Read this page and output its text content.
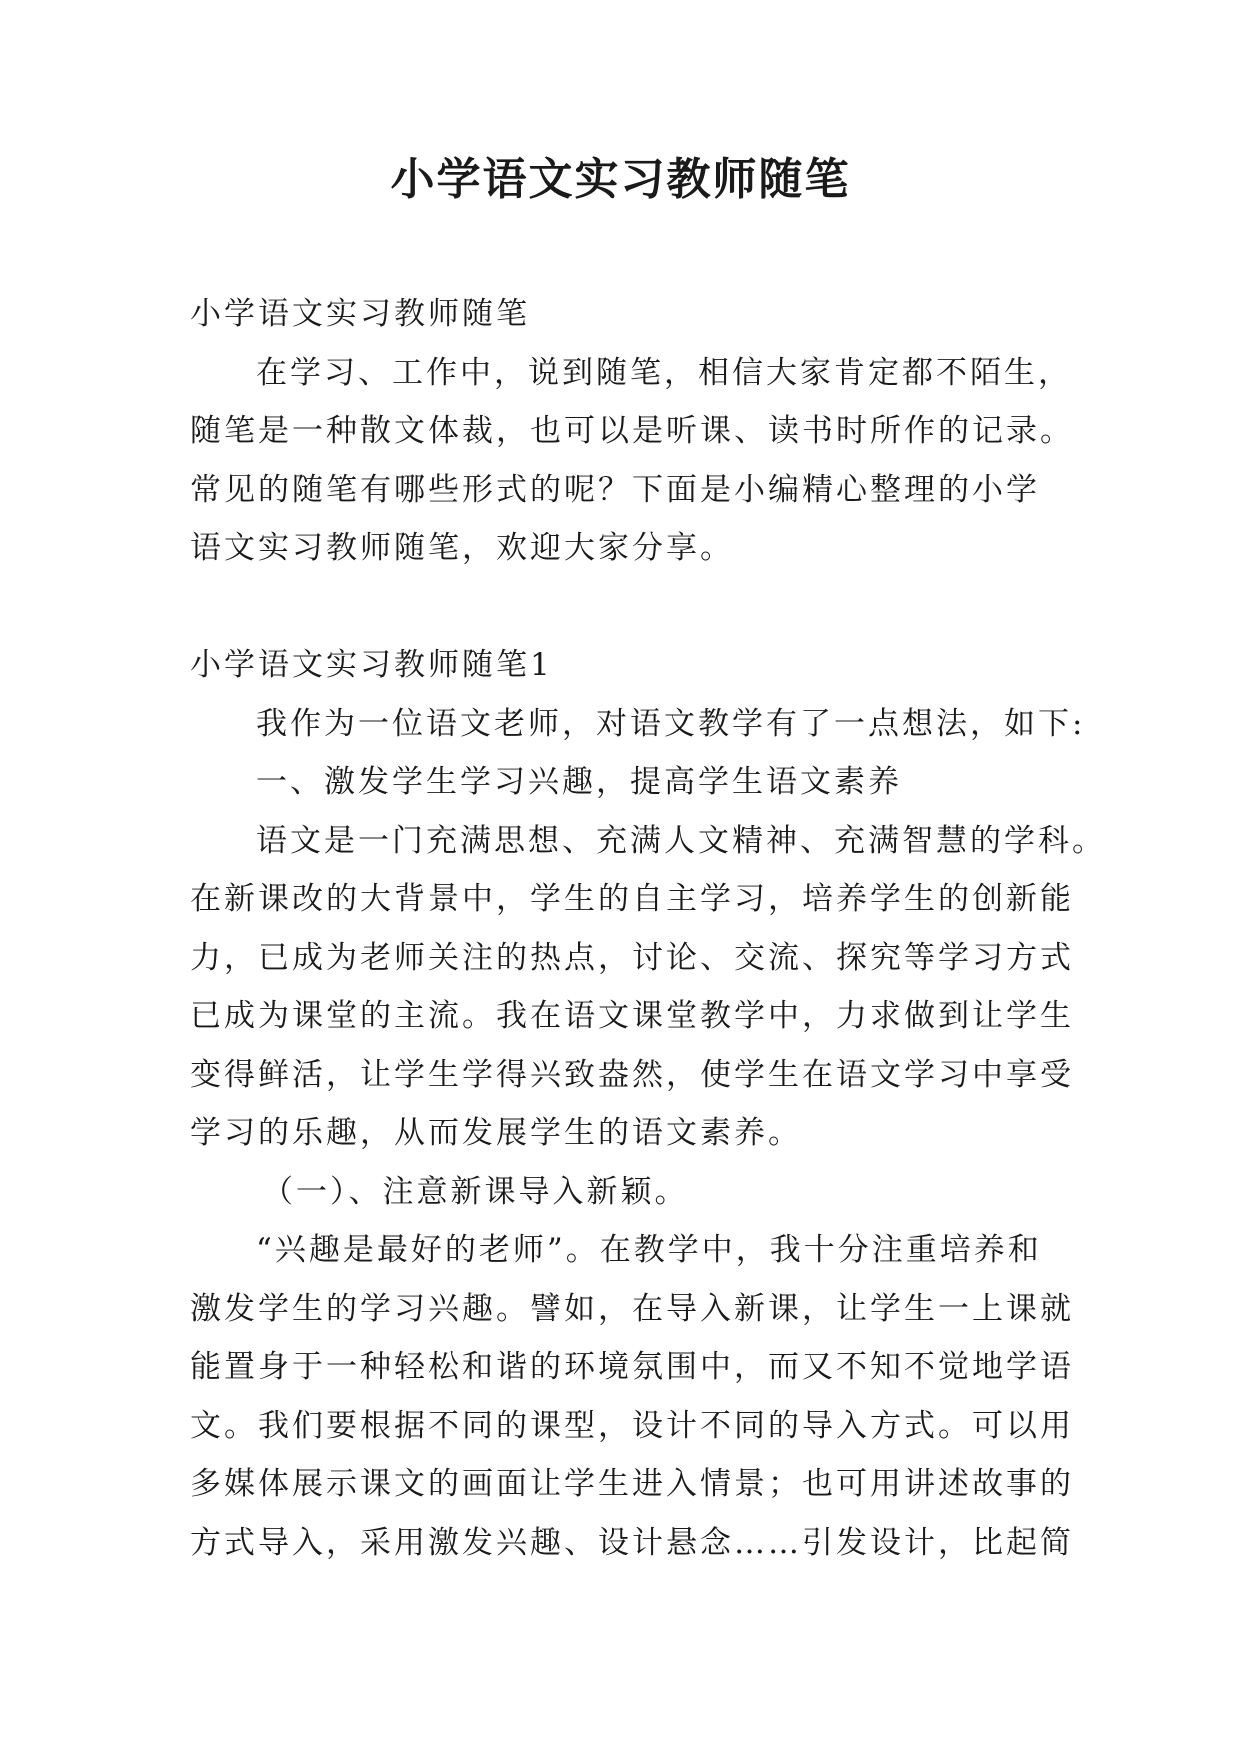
小学语文实习教师随笔
小学语文实习教师随笔
在学习、工作中，说到随笔，相信大家肯定都不陌生，
随笔是一种散文体裁，也可以是听课、读书时所作的记录。
常见的随笔有哪些形式的呢？下面是小编精心整理的小学
语文实习教师随笔，欢迎大家分享。
小学语文实习教师随笔1
我作为一位语文老师，对语文教学有了一点想法，如下:
一、激发学生学习兴趣，提高学生语文素养
语文是一门充满思想、充满人文精神、充满智慧的学科。
在新课改的大背景中，学生的自主学习，培养学生的创新能
力，已成为老师关注的热点，讨论、交流、探究等学习方式
已成为课堂的主流。我在语文课堂教学中，力求做到让学生
变得鲜活，让学生学得兴致盎然，使学生在语文学习中享受
学习的乐趣，从而发展学生的语文素养。
（一）、注意新课导入新颖。
“兴趣是最好的老师”。在教学中，我十分注重培养和
激发学生的学习兴趣。譬如，在导入新课，让学生一上课就
能置身于一种轻松和谐的环境氛围中，而又不知不觉地学语
文。我们要根据不同的课型，设计不同的导入方式。可以用
多媒体展示课文的画面让学生进入情景；也可用讲述故事的
方式导入，采用激发兴趣、设计悬念……引发设计，比起简
